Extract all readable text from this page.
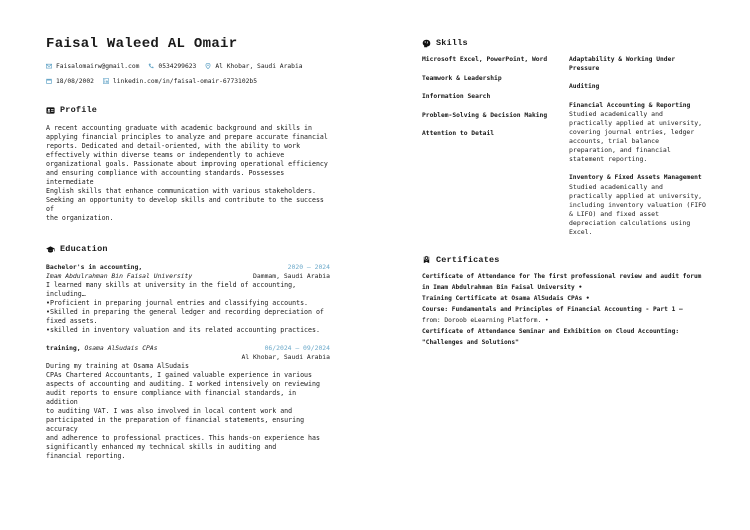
Faisal Waleed AL Omair
Faisalomairw@gmail.com	0534299623	Al Khobar, Saudi Arabia
18/08/2002	linkedin.com/in/faisal-omair-6773102b5
Profile
A recent accounting graduate with academic background and skills in
applying financial principles to analyze and prepare accurate financial
reports. Dedicated and detail-oriented, with the ability to work
effectively within diverse teams or independently to achieve
organizational goals. Passionate about improving operational efficiency
and ensuring compliance with accounting standards. Possesses intermediate
English skills that enhance communication with various stakeholders.
Seeking an opportunity to develop skills and contribute to the success of
the organization.
Education
Bachelor's in accounting,	2020 – 2024
Imam Abdulrahman Bin Faisal University	Dammam, Saudi Arabia
I learned many skills at university in the field of accounting, including…
•Proficient in preparing journal entries and classifying accounts.
•Skilled in preparing the general ledger and recording depreciation of
fixed assets.
•skilled in inventory valuation and its related accounting practices.
training, Osama AlSudais CPAs	06/2024 – 09/2024
Al Khobar, Saudi Arabia
During my training at Osama AlSudais
CPAs Chartered Accountants, I gained valuable experience in various
aspects of accounting and auditing. I worked intensively on reviewing
audit reports to ensure compliance with financial standards, in addition
to auditing VAT. I was also involved in local content work and
participated in the preparation of financial statements, ensuring accuracy
and adherence to professional practices. This hands-on experience has
significantly enhanced my technical skills in auditing and
financial reporting.
Skills
Microsoft Excel, PowerPoint, Word
Teamwork & Leadership
Information Search
Problem-Solving & Decision Making
Attention to Detail
Adaptability & Working Under
Pressure
Auditing
Financial Accounting & Reporting
Studied academically and
practically applied at university,
covering journal entries, ledger
accounts, trial balance
preparation, and financial
statement reporting.
Inventory & Fixed Assets Management
Studied academically and
practically applied at university,
including inventory valuation (FIFO
& LIFO) and fixed asset
depreciation calculations using
Excel.
Certificates
Certificate of Attendance for The first professional review and audit forum
in Imam Abdulrahman Bin Faisal University •
Training Certificate at Osama AlSudais CPAs •
Course: Fundamentals and Principles of Financial Accounting - Part 1 –
from: Doroob eLearning Platform. •
Certificate of Attendance Seminar and Exhibition on Cloud Accounting:
"Challenges and Solutions"
